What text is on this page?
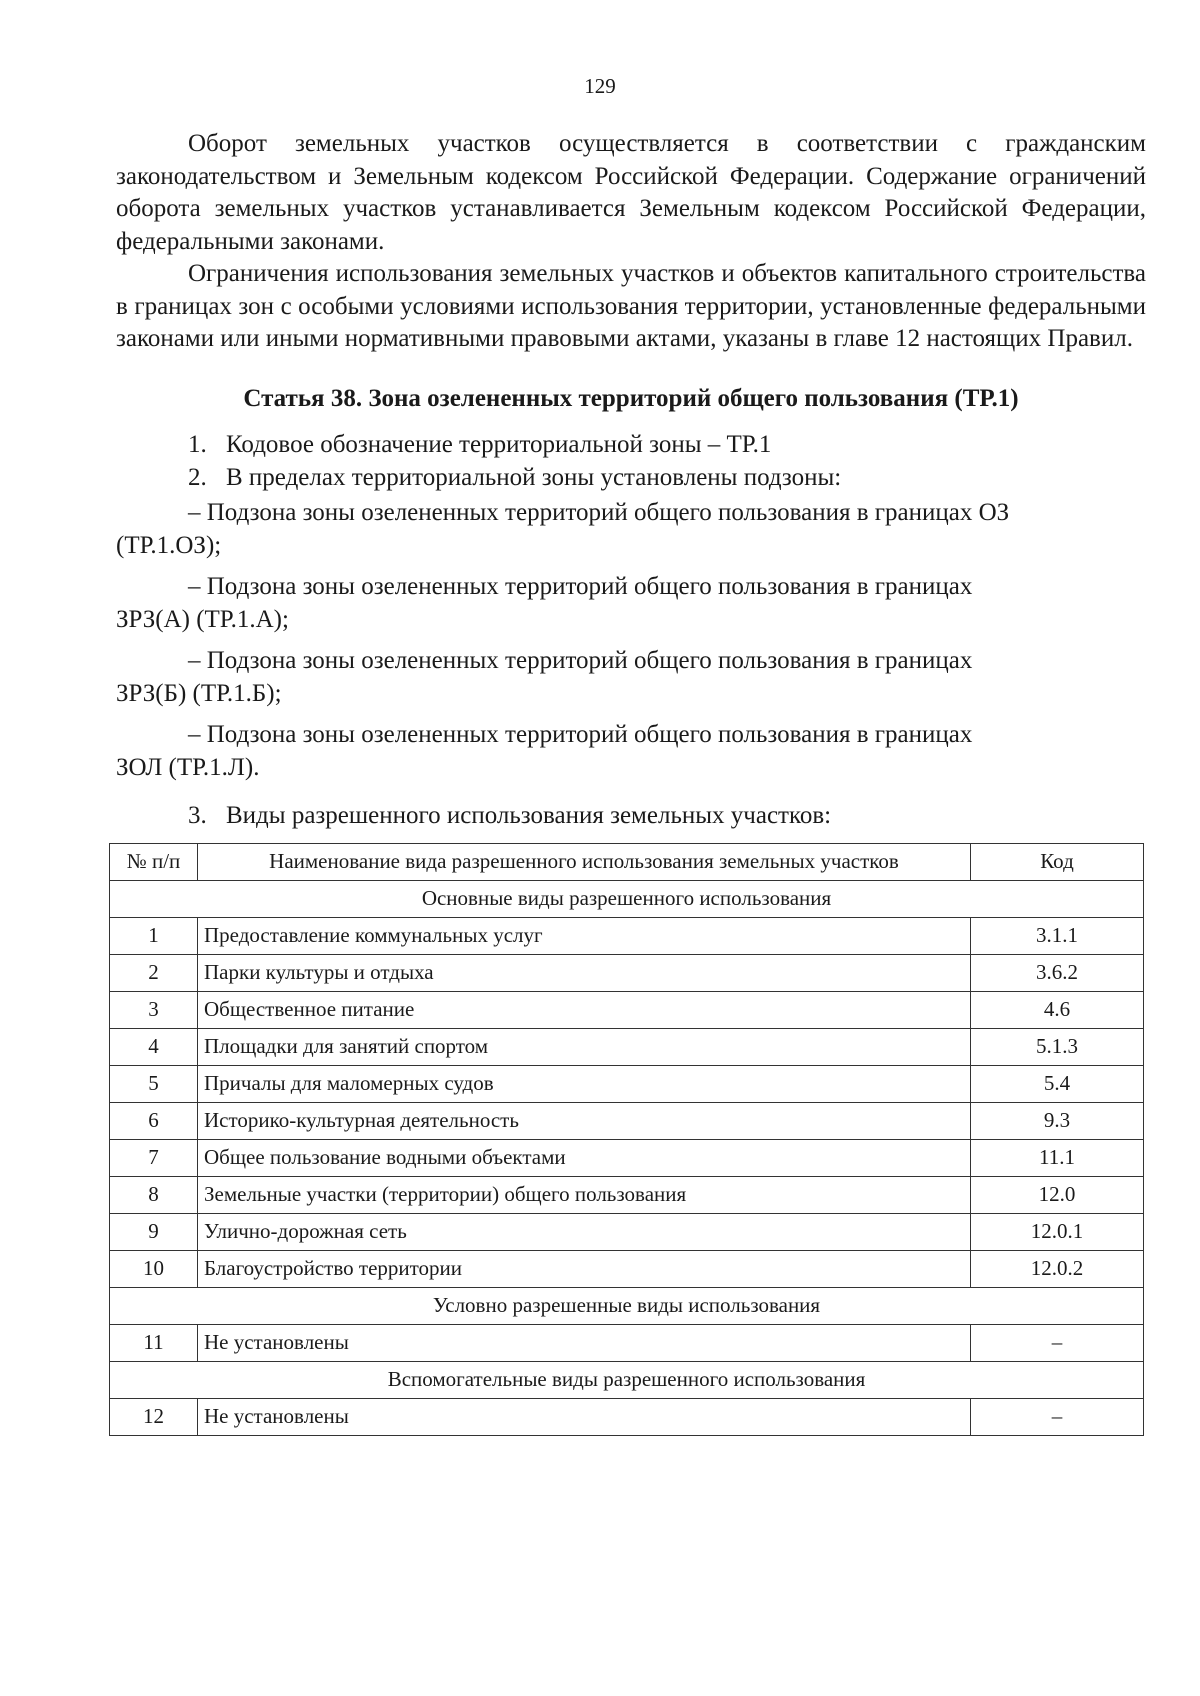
129

Оборот земельных участков осуществляется в соответствии с гражданским законодательством и Земельным кодексом Российской Федерации. Содержание ограничений оборота земельных участков устанавливается Земельным кодексом Российской Федерации, федеральными законами.

Ограничения использования земельных участков и объектов капитального строительства в границах зон с особыми условиями использования территории, установленные федеральными законами или иными нормативными правовыми актами, указаны в главе 12 настоящих Правил.

Статья 38. Зона озелененных территорий общего пользования (ТР.1)

1. Кодовое обозначение территориальной зоны – ТР.1

2. В пределах территориальной зоны установлены подзоны:

– Подзона зоны озелененных территорий общего пользования в границах ОЗ
(ТР.1.ОЗ);

– Подзона зоны озелененных территорий общего пользования в границах
ЗРЗ(А) (ТР.1.А);

– Подзона зоны озелененных территорий общего пользования в границах
ЗРЗ(Б) (ТР.1.Б);

– Подзона зоны озелененных территорий общего пользования в границах
ЗОЛ (ТР.1.Л).

3. Виды разрешенного использования земельных участков:

№ п/п	Наименование вида разрешенного использования земельных участков	Код
Основные виды разрешенного использования		
1	Предоставление коммунальных услуг	3.1.1
2	Парки культуры и отдыха	3.6.2
3	Общественное питание	4.6
4	Площадки для занятий спортом	5.1.3
5	Причалы для маломерных судов	5.4
6	Историко-культурная деятельность	9.3
7	Общее пользование водными объектами	11.1
8	Земельные участки (территории) общего пользования	12.0
9	Улично-дорожная сеть	12.0.1
10	Благоустройство территории	12.0.2
Условно разрешенные виды использования		
11	Не установлены	–
Вспомогательные виды разрешенного использования		
12	Не установлены	–
